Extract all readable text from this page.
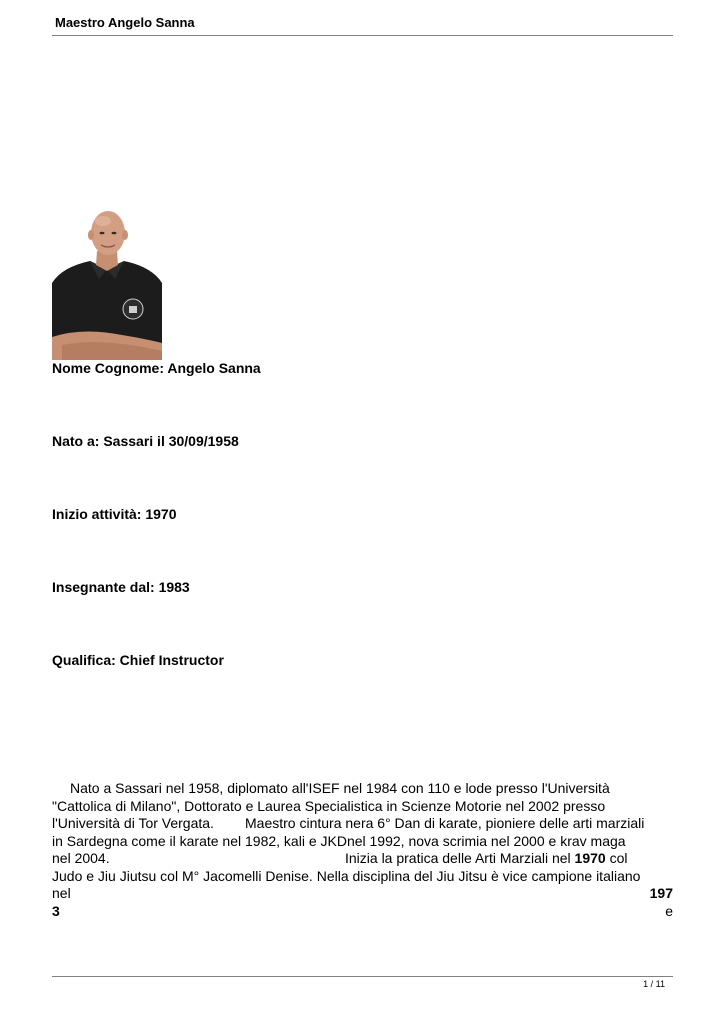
Maestro Angelo Sanna
Nome Cognome: Angelo Sanna
Nato a: Sassari il 30/09/1958
Inizio attività: 1970
Insegnante dal: 1983
Qualifica: Chief Instructor
Nato a Sassari nel 1958, diplomato all'ISEF nel 1984 con 110 e lode presso l'Università
"Cattolica di Milano", Dottorato e Laurea Specialistica in Scienze Motorie nel 2002 presso
l'Università di Tor Vergata. Maestro cintura nera 6° Dan di karate, pioniere delle arti marziali
in Sardegna come il karate nel 1982, kali e JKDnel 1992, nova scrimia nel 2000 e krav maga
nel 2004.	Inizia la pratica delle Arti Marziali nel 1970 col
Judo e Jiu Jiutsu col M° Jacomelli Denise. Nella disciplina del Jiu Jitsu è vice campione italiano
nel	197
3	e
1 / 11
